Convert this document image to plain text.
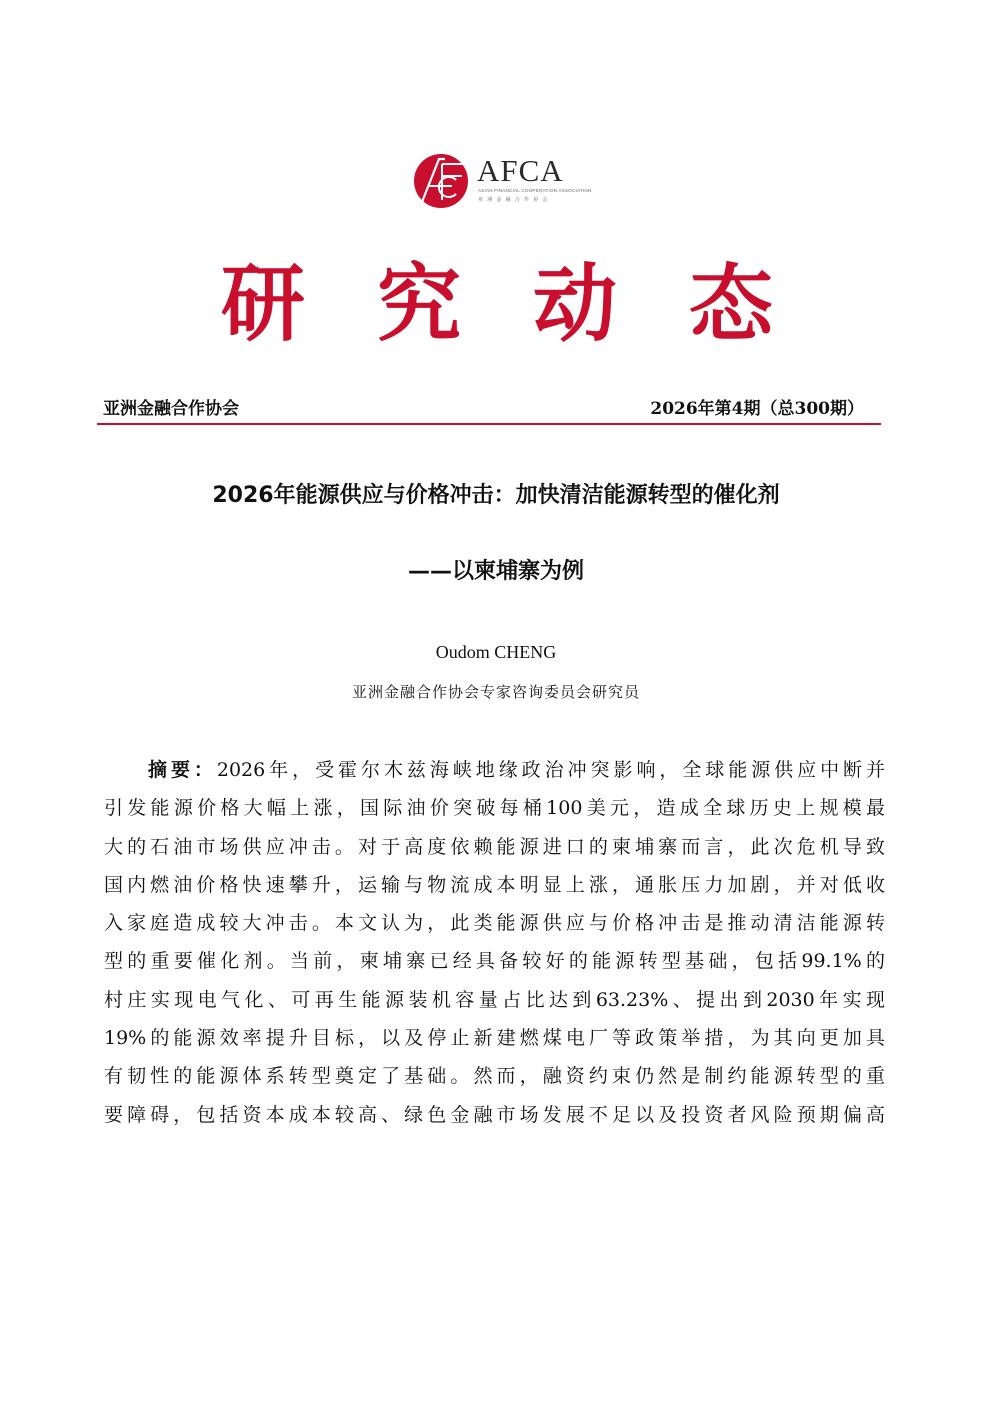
AFCA
ASIAN FINANCIAL COOPERATION ASSOCIATION
亚洲金融合作协会
研究动态
亚洲金融合作协会	2026年第4期（总300期）
2026年能源供应与价格冲击：加快清洁能源转型的催化剂
——以柬埔寨为例
Oudom CHENG
亚洲金融合作协会专家咨询委员会研究员
摘要：2026年，受霍尔木兹海峡地缘政治冲突影响，全球能源供应中断并
引发能源价格大幅上涨，国际油价突破每桶100美元，造成全球历史上规模最
大的石油市场供应冲击。对于高度依赖能源进口的柬埔寨而言，此次危机导致
国内燃油价格快速攀升，运输与物流成本明显上涨，通胀压力加剧，并对低收
入家庭造成较大冲击。本文认为，此类能源供应与价格冲击是推动清洁能源转
型的重要催化剂。当前，柬埔寨已经具备较好的能源转型基础，包括99.1%的
村庄实现电气化、可再生能源装机容量占比达到63.23%、提出到2030年实现
19%的能源效率提升目标，以及停止新建燃煤电厂等政策举措，为其向更加具
有韧性的能源体系转型奠定了基础。然而，融资约束仍然是制约能源转型的重
要障碍，包括资本成本较高、绿色金融市场发展不足以及投资者风险预期偏高
